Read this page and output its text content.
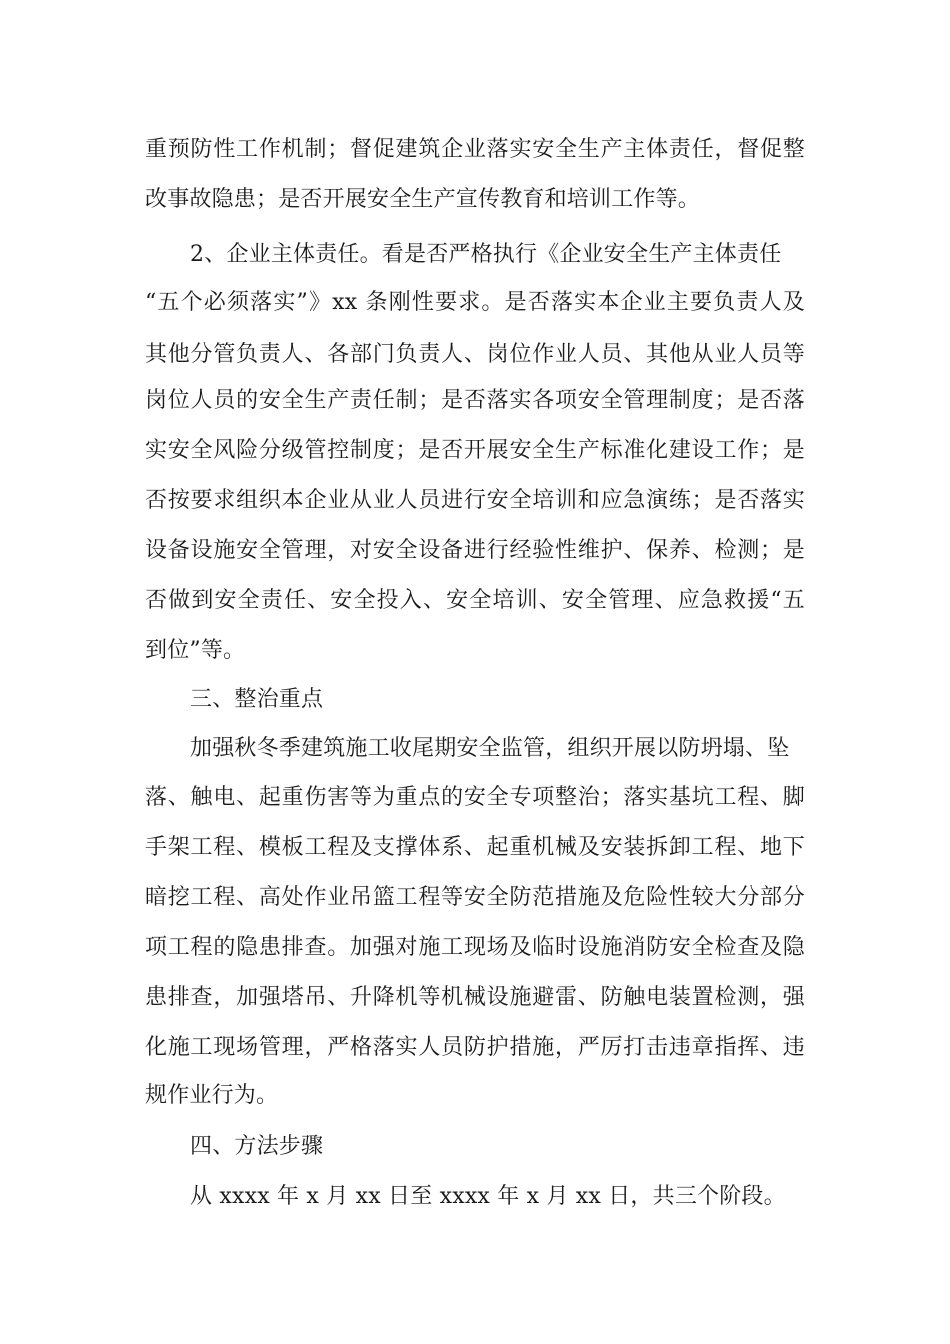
重预防性工作机制；督促建筑企业落实安全生产主体责任，督促整
改事故隐患；是否开展安全生产宣传教育和培训工作等。
2、企业主体责任。看是否严格执行《企业安全生产主体责任
“五个必须落实”》xx 条刚性要求。是否落实本企业主要负责人及
其他分管负责人、各部门负责人、岗位作业人员、其他从业人员等
岗位人员的安全生产责任制；是否落实各项安全管理制度；是否落
实安全风险分级管控制度；是否开展安全生产标准化建设工作；是
否按要求组织本企业从业人员进行安全培训和应急演练；是否落实
设备设施安全管理，对安全设备进行经验性维护、保养、检测；是
否做到安全责任、安全投入、安全培训、安全管理、应急救援“五
到位”等。
三、整治重点
加强秋冬季建筑施工收尾期安全监管，组织开展以防坍塌、坠
落、触电、起重伤害等为重点的安全专项整治；落实基坑工程、脚
手架工程、模板工程及支撑体系、起重机械及安装拆卸工程、地下
暗挖工程、高处作业吊篮工程等安全防范措施及危险性较大分部分
项工程的隐患排查。加强对施工现场及临时设施消防安全检查及隐
患排查，加强塔吊、升降机等机械设施避雷、防触电装置检测，强
化施工现场管理，严格落实人员防护措施，严厉打击违章指挥、违
规作业行为。
四、方法步骤
从 xxxx 年 x 月 xx 日至 xxxx 年 x 月 xx 日，共三个阶段。
